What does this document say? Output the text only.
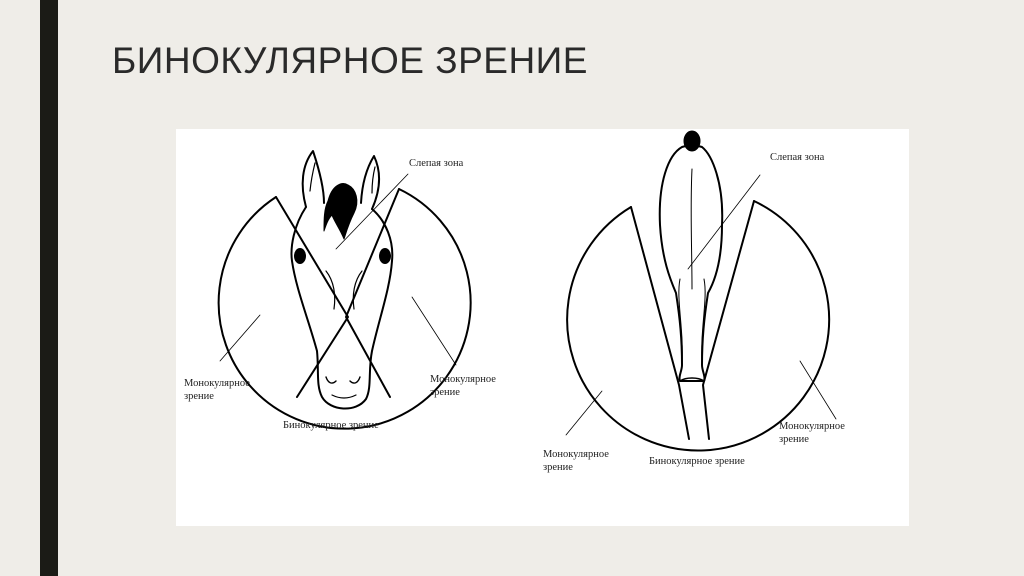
БИНОКУЛЯРНОЕ ЗРЕНИЕ
Слепая зона
Монокулярное
зрение
Монокулярное
зрение
Бинокулярное зрение
Слепая зона
Монокулярное
зрение
Монокулярное
зрение
Бинокулярное зрение
